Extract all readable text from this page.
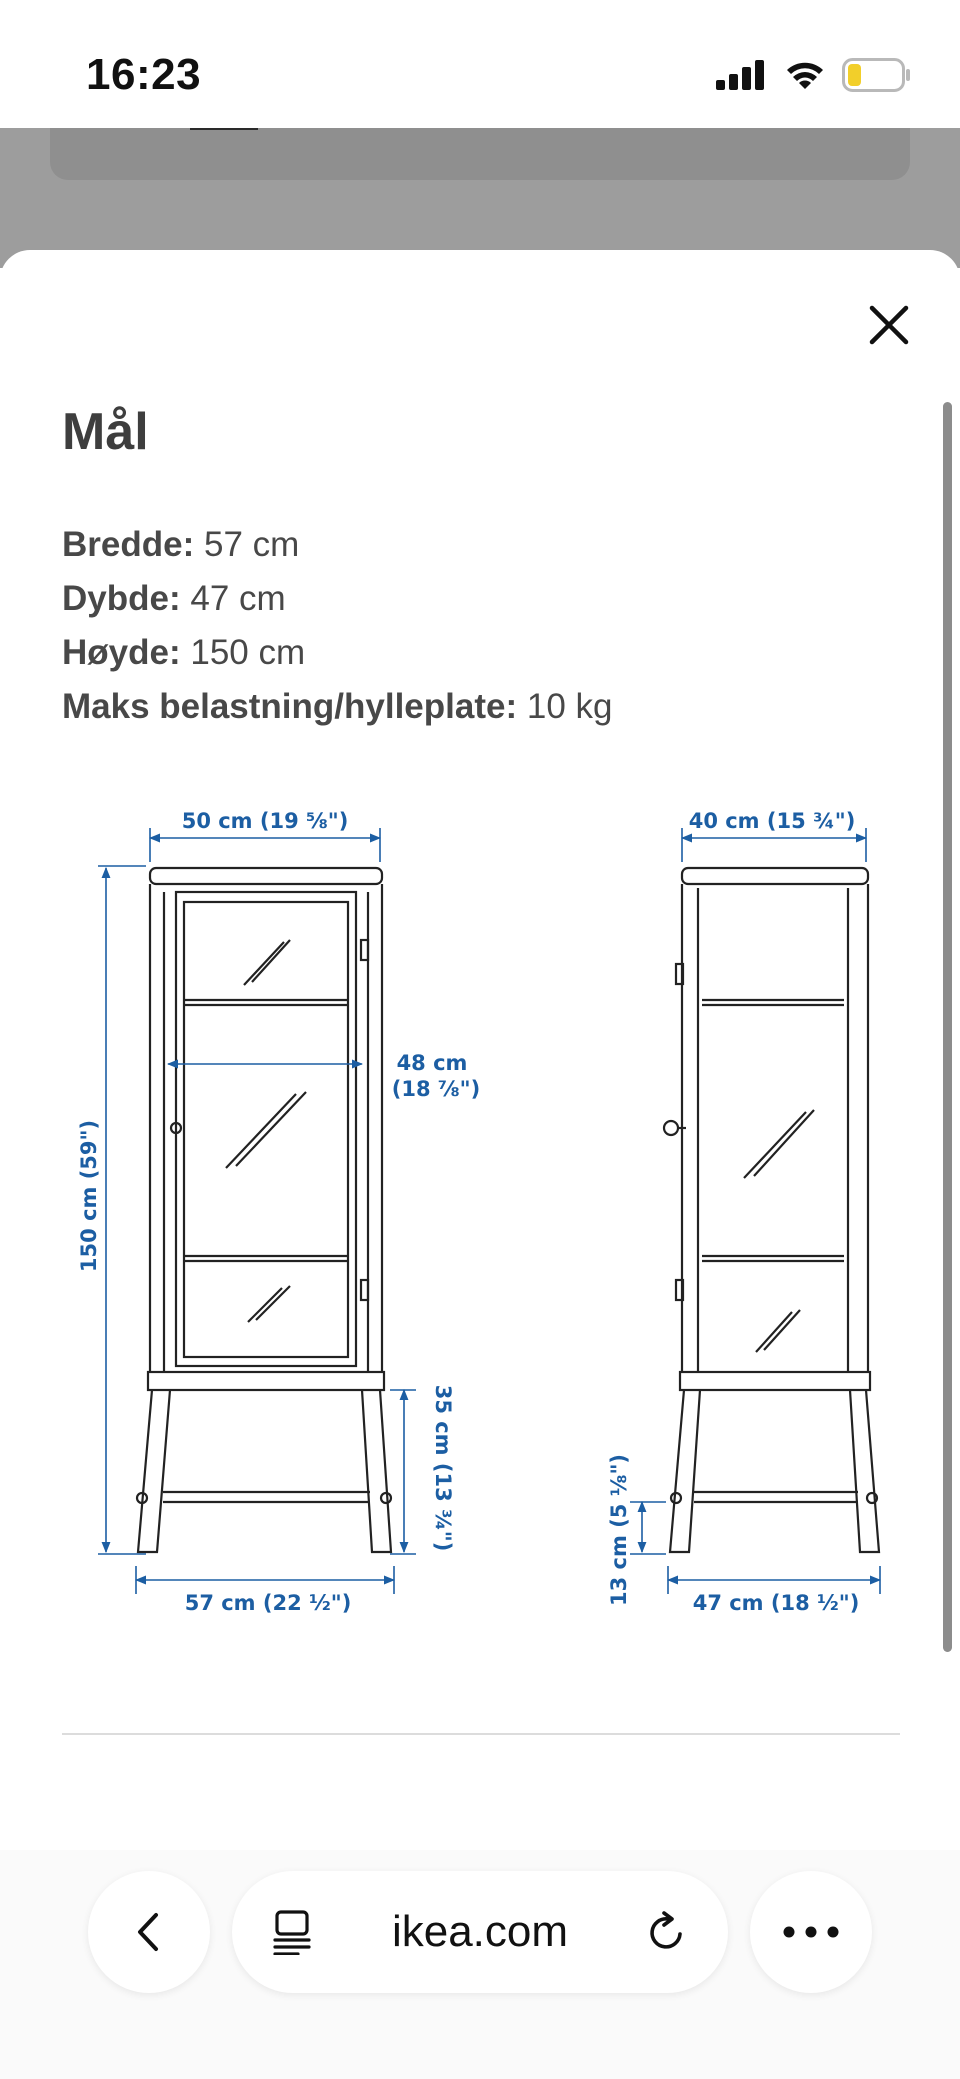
16:23
Mål
Bredde: 57 cm
Dybde: 47 cm
Høyde: 150 cm
Maks belastning/hylleplate: 10 kg
50 cm (19 ⅝")
48 cm
(18 ⅞")
150 cm (59")
35 cm (13 ¾")
57 cm (22 ½")
40 cm (15 ¾")
13 cm (5 ⅛")	47 cm (18 ½")
ikea.com
